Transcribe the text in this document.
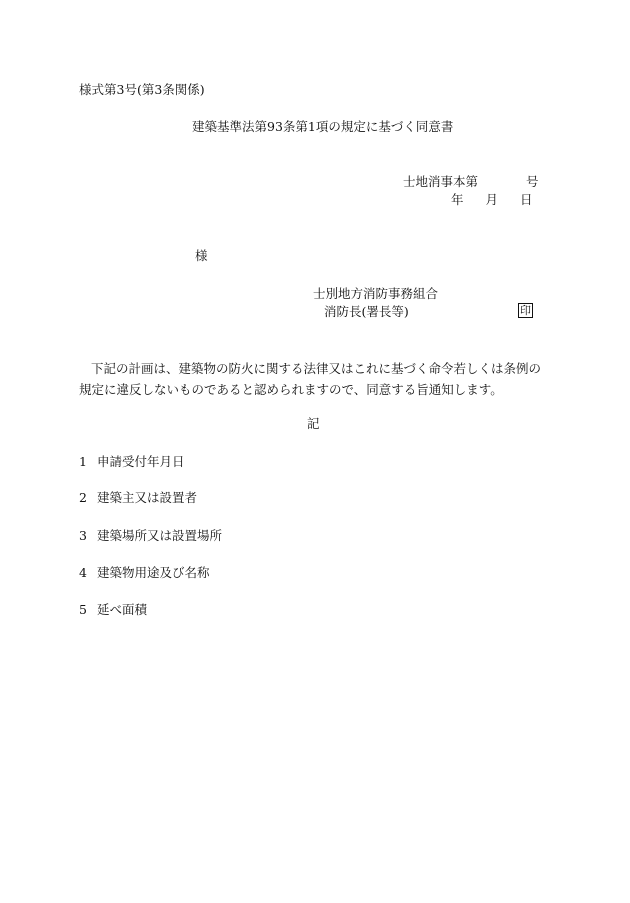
様式第3号(第3条関係)
建築基準法第93条第1項の規定に基づく同意書
士地消事本第	号
年 月 日
様
士別地方消防事務組合
消防長(署長等)	印
下記の計画は、建築物の防火に関する法律又はこれに基づく命令若しくは条例の規定に違反しないものであると認められますので、同意する旨通知します。
記
1 申請受付年月日
2 建築主又は設置者
3 建築場所又は設置場所
4 建築物用途及び名称
5 延べ面積
